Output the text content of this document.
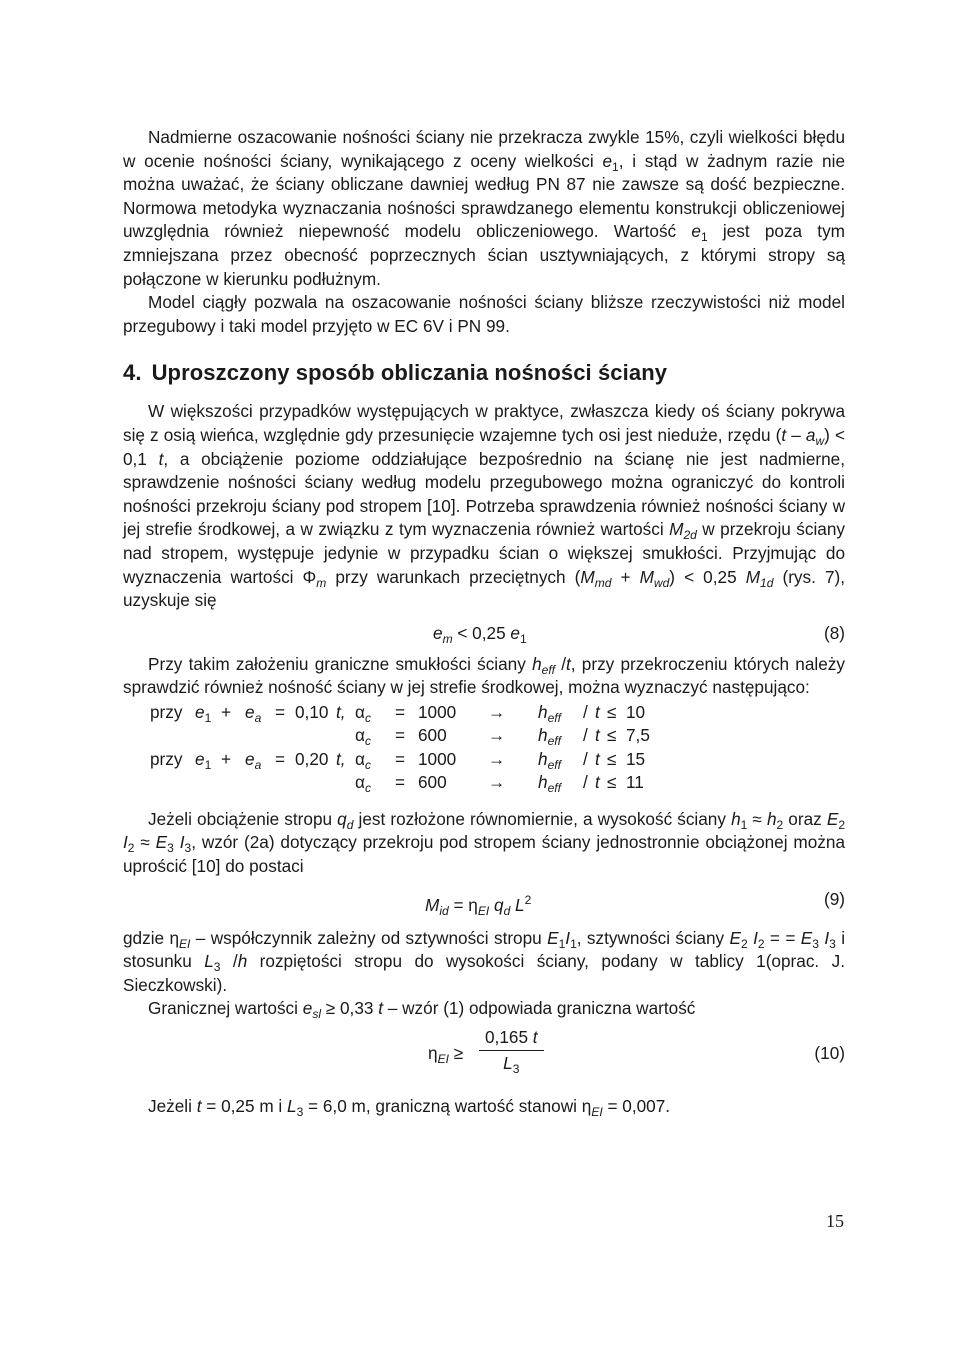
Nadmierne oszacowanie nośności ściany nie przekracza zwykle 15%, czyli wielkości błędu w ocenie nośności ściany, wynikającego z oceny wielkości $e_1$, i stąd w żadnym razie nie można uważać, że ściany obliczane dawniej według PN 87 nie zawsze są dość bezpieczne. Normowa metodyka wyznaczania nośności sprawdzanego elementu konstrukcji obliczeniowej uwzględnia również niepewność modelu obliczeniowego. Wartość $e_1$ jest poza tym zmniejszana przez obecność poprzecznych ścian usztywniających, z którymi stropy są połączone w kierunku podłużnym.

Model ciągły pozwala na oszacowanie nośności ściany bliższe rzeczywistości niż model przegubowy i taki model przyjęto w EC 6V i PN 99.

4. Uproszczony sposób obliczania nośności ściany

W większości przypadków występujących w praktyce, zwłaszcza kiedy oś ściany pokrywa się z osią wieńca, względnie gdy przesunięcie wzajemne tych osi jest nieduże, rzędu $(t - a_w) < 0,1$ t, a obciążenie poziome oddziałujące bezpośrednio na ścianę nie jest nadmierne, sprawdzenie nośności ściany według modelu przegubowego można ograniczyć do kontroli nośności przekroju ściany pod stropem [10]. Potrzeba sprawdzenia również nośności ściany w jej strefie środkowej, a w związku z tym wyznaczenia również wartości $M_{2d}$ w przekroju ściany nad stropem, występuje jedynie w przypadku ścian o większej smukłości. Przyjmując do wyznaczenia wartości $\Phi_m$ przy warunkach przeciętnych $(M_{md} + M_{wd}) < 0,25$ $M_{1d}$ (rys. 7), uzyskuje się

$e_m < 0,25$ $e_1$	(8)

Przy takim założeniu graniczne smukłości ściany $h_{eff}$ /t, przy przekroczeniu których należy sprawdzić również nośność ściany w jej strefie środkowej, można wyznaczyć następująco:

przy $e_1 + e_a = 0,10$ t, $\alpha_c = 1000 \to h_{eff} / t \le 10$
$\alpha_c = 600 \to h_{eff} / t \le 7,5$
przy $e_1 + e_a = 0,20$ t, $\alpha_c = 1000 \to h_{eff} / t \le 15$
$\alpha_c = 600 \to h_{eff} / t \le 11$

Jeżeli obciążenie stropu $q_d$ jest rozłożone równomiernie, a wysokość ściany $h_1 \approx h_2$ oraz $E_2$ $I_2 \approx E_3$ $I_3$, wzór (2a) dotyczący przekroju pod stropem ściany jednostronnie obciążonej można uprościć [10] do postaci

$M_{id} = \eta_{EI}$ $q_d$ $L^2$	(9)

gdzie $\eta_{EI}$ – współczynnik zależny od sztywności stropu $E_1I_1$, sztywności ściany $E_2$ $I_2$ = = $E_3$ $I_3$ i stosunku $L_3$ /h rozpiętości stropu do wysokości ściany, podany w tablicy 1(oprac. J. Sieczkowski).

Granicznej wartości $e_{sl} \ge 0,33$ t – wzór (1) odpowiada graniczna wartość

$\eta_{EI} \ge \frac{0,165 t}{L_3}$	(10)

Jeżeli t = 0,25 m i $L_3 = 6,0$ m, graniczną wartość stanowi $\eta_{EI} = 0,007$.

15
